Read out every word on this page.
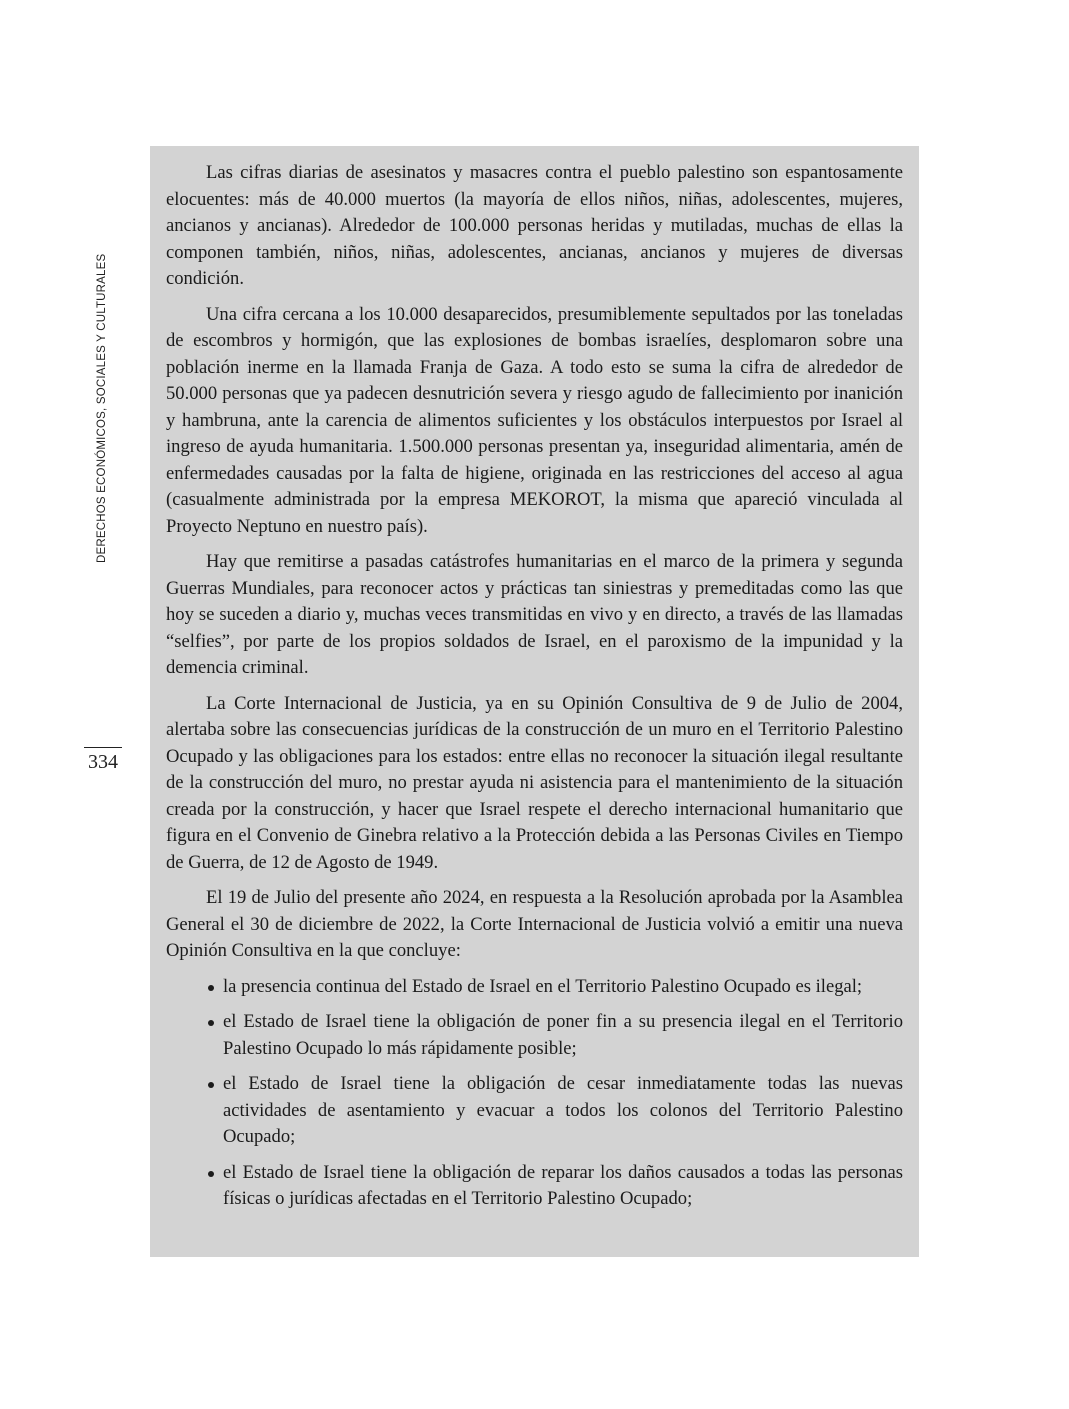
DERECHOS ECONÓMICOS, SOCIALES Y CULTURALES
334

Las cifras diarias de asesinatos y masacres contra el pueblo palestino son espantosamente elocuentes: más de 40.000 muertos (la mayoría de ellos niños, niñas, adolescentes, mujeres, ancianos y ancianas). Alrededor de 100.000 personas heridas y mutiladas, muchas de ellas la componen también, niños, niñas, adolescentes, ancianas, ancianos y mujeres de diversas condición.

Una cifra cercana a los 10.000 desaparecidos, presumiblemente sepultados por las toneladas de escombros y hormigón, que las explosiones de bombas israelíes, desplomaron sobre una población inerme en la llamada Franja de Gaza. A todo esto se suma la cifra de alrededor de 50.000 personas que ya padecen desnutrición severa y riesgo agudo de fallecimiento por inanición y hambruna, ante la carencia de alimentos suficientes y los obstáculos interpuestos por Israel al ingreso de ayuda humanitaria. 1.500.000 personas presentan ya, inseguridad alimentaria, amén de enfermedades causadas por la falta de higiene, originada en las restricciones del acceso al agua (casualmente administrada por la empresa MEKOROT, la misma que apareció vinculada al Proyecto Neptuno en nuestro país).

Hay que remitirse a pasadas catástrofes humanitarias en el marco de la primera y segunda Guerras Mundiales, para reconocer actos y prácticas tan siniestras y premeditadas como las que hoy se suceden a diario y, muchas veces transmitidas en vivo y en directo, a través de las llamadas “selfies”, por parte de los propios soldados de Israel, en el paroxismo de la impunidad y la demencia criminal.

La Corte Internacional de Justicia, ya en su Opinión Consultiva de 9 de Julio de 2004, alertaba sobre las consecuencias jurídicas de la construcción de un muro en el Territorio Palestino Ocupado y las obligaciones para los estados: entre ellas no reconocer la situación ilegal resultante de la construcción del muro, no prestar ayuda ni asistencia para el mantenimiento de la situación creada por la construcción, y hacer que Israel respete el derecho internacional humanitario que figura en el Convenio de Ginebra relativo a la Protección debida a las Personas Civiles en Tiempo de Guerra, de 12 de Agosto de 1949.

El 19 de Julio del presente año 2024, en respuesta a la Resolución aprobada por la Asamblea General el 30 de diciembre de 2022, la Corte Internacional de Justicia volvió a emitir una nueva Opinión Consultiva en la que concluye:

la presencia continua del Estado de Israel en el Territorio Palestino Ocupado es ilegal;
el Estado de Israel tiene la obligación de poner fin a su presencia ilegal en el Territorio Palestino Ocupado lo más rápidamente posible;
el Estado de Israel tiene la obligación de cesar inmediatamente todas las nuevas actividades de asentamiento y evacuar a todos los colonos del Territorio Palestino Ocupado;
el Estado de Israel tiene la obligación de reparar los daños causados a todas las personas físicas o jurídicas afectadas en el Territorio Palestino Ocupado;
